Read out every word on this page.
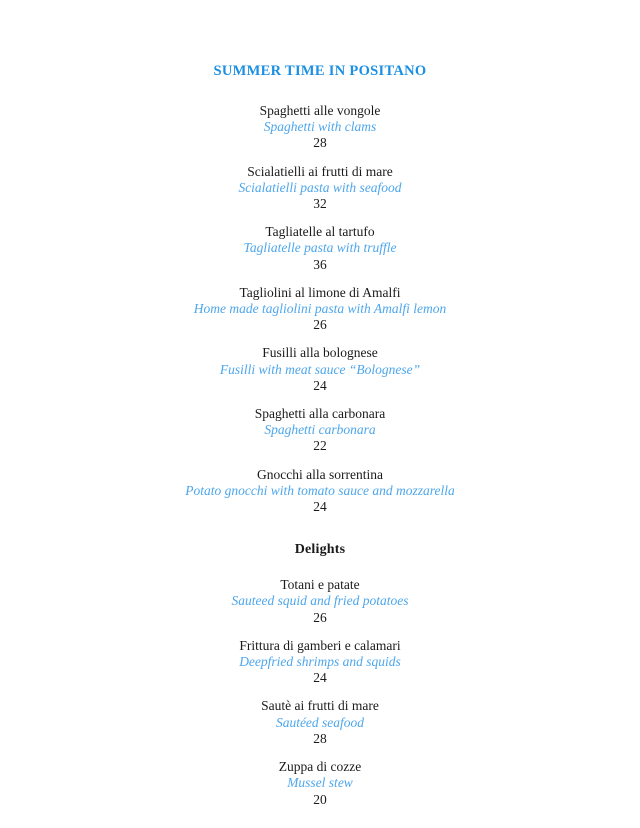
SUMMER TIME IN POSITANO
Spaghetti alle vongole
Spaghetti with clams
28
Scialatielli ai frutti di mare
Scialatielli pasta with seafood
32
Tagliatelle al tartufo
Tagliatelle pasta with truffle
36
Tagliolini al limone di Amalfi
Home made tagliolini pasta with Amalfi lemon
26
Fusilli alla bolognese
Fusilli with meat sauce “Bolognese”
24
Spaghetti alla carbonara
Spaghetti carbonara
22
Gnocchi alla sorrentina
Potato gnocchi with tomato sauce and mozzarella
24
Delights
Totani e patate
Sauteed squid and fried potatoes
26
Frittura di gamberi e calamari
Deepfried shrimps and squids
24
Sautè ai frutti di mare
Sautéed seafood
28
Zuppa di cozze
Mussel stew
20
